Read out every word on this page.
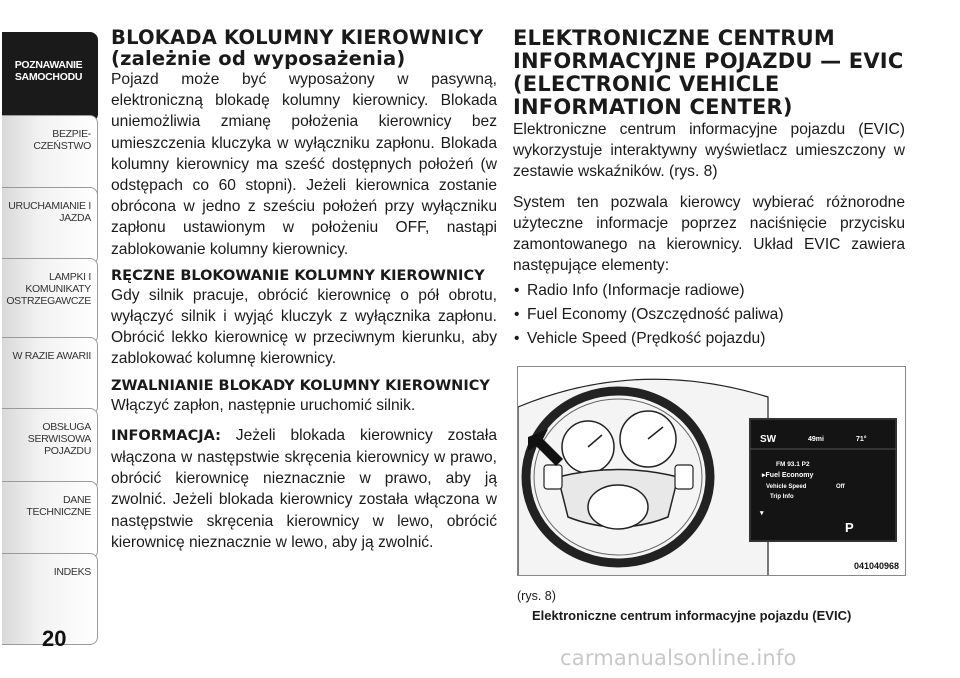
POZNAWANIE SAMOCHODU
BEZPIE-CZEŃSTWO
URUCHAMIANIE I JAZDA
LAMPKI I KOMUNIKATY OSTRZEGAWCZE
W RAZIE AWARII
OBSŁUGA SERWISOWA POJAZDU
DANE TECHNICZNE
INDEKS
20
BLOKADA KOLUMNY KIEROWNICY (zależnie od wyposażenia)

Pojazd może być wyposażony w pasywną, elektroniczną blokadę kolumny kierownicy. Blokada uniemożliwia zmianę położenia kierownicy bez umieszczenia kluczyka w wyłączniku zapłonu. Blokada kolumny kierownicy ma sześć dostępnych położeń (w odstępach co 60 stopni). Jeżeli kierownica zostanie obrócona w jedno z sześciu położeń przy wyłączniku zapłonu ustawionym w położeniu OFF, nastąpi zablokowanie kolumny kierownicy.

RĘCZNE BLOKOWANIE KOLUMNY KIEROWNICY

Gdy silnik pracuje, obrócić kierownicę o pół obrotu, wyłączyć silnik i wyjąć kluczyk z wyłącznika zapłonu. Obrócić lekko kierownicę w przeciwnym kierunku, aby zablokować kolumnę kierownicy.

ZWALNIANIE BLOKADY KOLUMNY KIEROWNICY

Włączyć zapłon, następnie uruchomić silnik.

INFORMACJA: Jeżeli blokada kierownicy została włączona w następstwie skręcenia kierownicy w prawo, obrócić kierownicę nieznacznie w prawo, aby ją zwolnić. Jeżeli blokada kierownicy została włączona w następstwie skręcenia kierownicy w lewo, obrócić kierownicę nieznacznie w lewo, aby ją zwolnić.

ELEKTRONICZNE CENTRUM INFORMACYJNE POJAZDU — EVIC (ELECTRONIC VEHICLE INFORMATION CENTER)

Elektroniczne centrum informacyjne pojazdu (EVIC) wykorzystuje interaktywny wyświetlacz umieszczony w zestawie wskaźników. (rys. 8)

System ten pozwala kierowcy wybierać różnorodne użyteczne informacje poprzez naciśnięcie przycisku zamontowanego na kierownicy. Układ EVIC zawiera następujące elementy:

• Radio Info (Informacje radiowe)
• Fuel Economy (Oszczędność paliwa)
• Vehicle Speed (Prędkość pojazdu)
SW	49mi	71°
FM 93.1 P2
▸Fuel Economy
Vehicle Speed	Off
Trip Info
▾
P
041040968
(rys. 8)
Elektroniczne centrum informacyjne pojazdu (EVIC)
carmanualsonline.info
